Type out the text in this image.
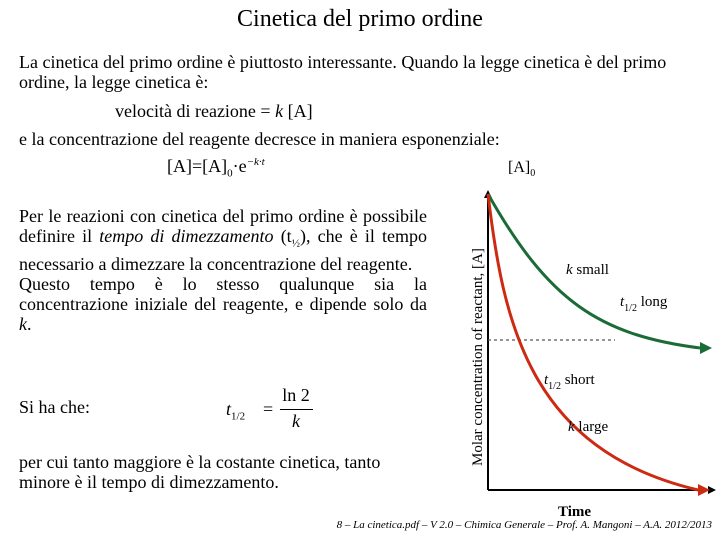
Cinetica del primo ordine
La cinetica del primo ordine è piuttosto interessante. Quando la legge cinetica è del primo ordine, la legge cinetica è:
velocità di reazione = k [A]
e la concentrazione del reagente decresce in maniera esponenziale:
$[A]=[A]_0\cdot e^{-k\cdot t}$
Per le reazioni con cinetica del primo ordine è possibile definire il tempo di dimezzamento $(t_{\frac{1}{2}})$, che è il tempo necessario a dimezzare la concentrazione del reagente.
Questo tempo è lo stesso qualunque sia la concentrazione iniziale del reagente, e dipende solo da k.
Si ha che:	$t_{1/2}$ =
ln 2
k
per cui tanto maggiore è la costante cinetica, tanto minore è il tempo di dimezzamento.
$[A]_0$
Molar concentration of reactant, [A]
Time
k small
k large
$t_{1/2}$ long
$t_{1/2}$ short
8 – La cinetica.pdf – V 2.0 – Chimica Generale – Prof. A. Mangoni – A.A. 2012/2013
